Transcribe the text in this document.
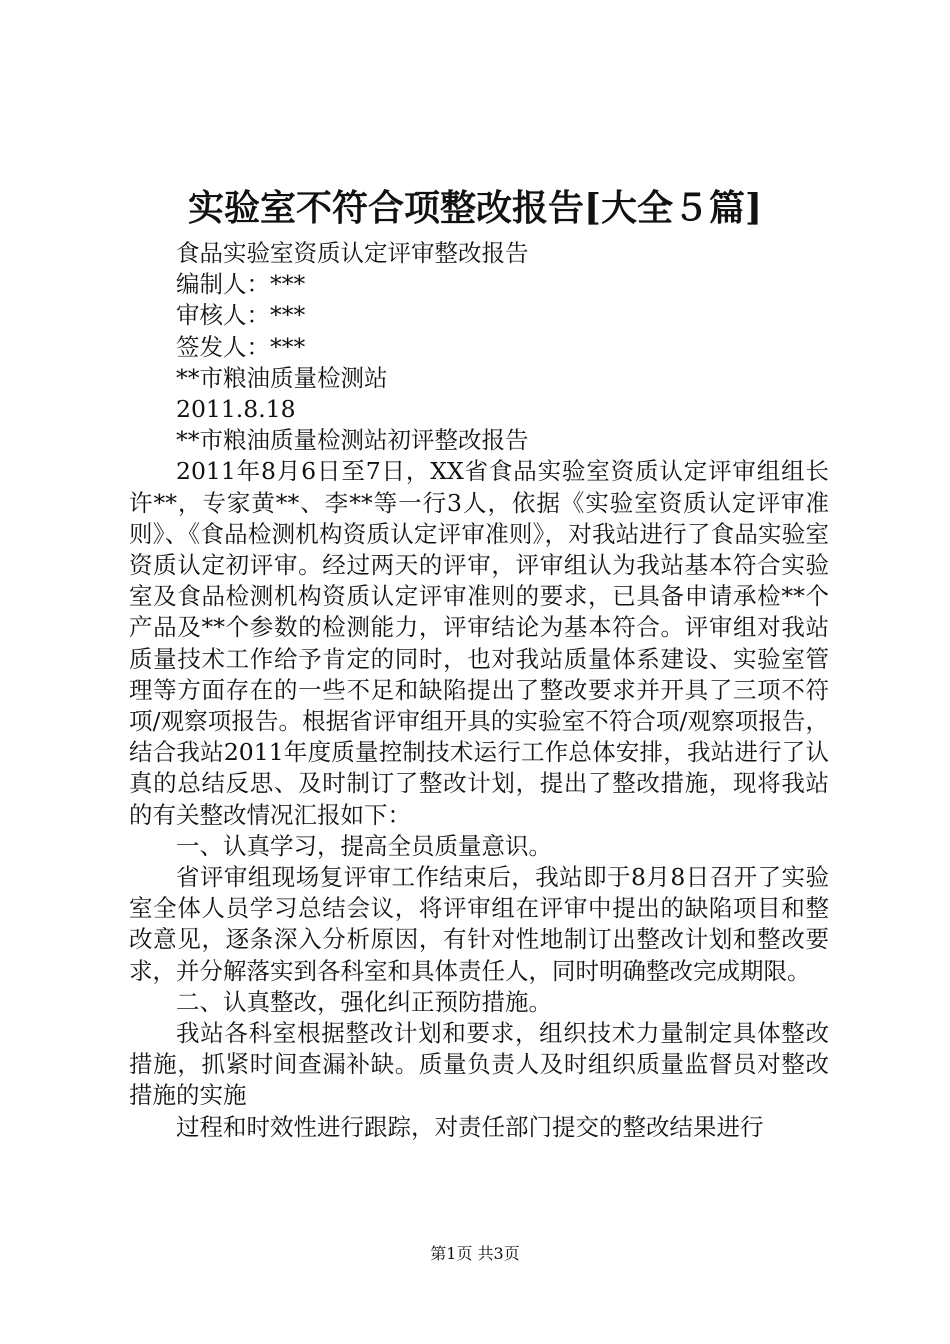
实验室不符合项整改报告[大全５篇]

食品实验室资质认定评审整改报告

编制人：***

审核人：***

签发人：***

**市粮油质量检测站

2011.8.18

**市粮油质量检测站初评整改报告

2011年8月6日至7日，XX省食品实验室资质认定评审组组长许**，专家黄**、李**等一行3人，依据《实验室资质认定评审准则》、《食品检测机构资质认定评审准则》，对我站进行了食品实验室资质认定初评审。经过两天的评审，评审组认为我站基本符合实验室及食品检测机构资质认定评审准则的要求，已具备申请承检**个产品及**个参数的检测能力，评审结论为基本符合。评审组对我站质量技术工作给予肯定的同时，也对我站质量体系建设、实验室管理等方面存在的一些不足和缺陷提出了整改要求并开具了三项不符项/观察项报告。根据省评审组开具的实验室不符合项/观察项报告，结合我站2011年度质量控制技术运行工作总体安排，我站进行了认真的总结反思、及时制订了整改计划，提出了整改措施，现将我站的有关整改情况汇报如下：

一、认真学习，提高全员质量意识。

省评审组现场复评审工作结束后，我站即于8月8日召开了实验室全体人员学习总结会议，将评审组在评审中提出的缺陷项目和整改意见，逐条深入分析原因，有针对性地制订出整改计划和整改要求，并分解落实到各科室和具体责任人，同时明确整改完成期限。

二、认真整改，强化纠正预防措施。

我站各科室根据整改计划和要求，组织技术力量制定具体整改措施，抓紧时间查漏补缺。质量负责人及时组织质量监督员对整改措施的实施

过程和时效性进行跟踪，对责任部门提交的整改结果进行

第1页 共3页
